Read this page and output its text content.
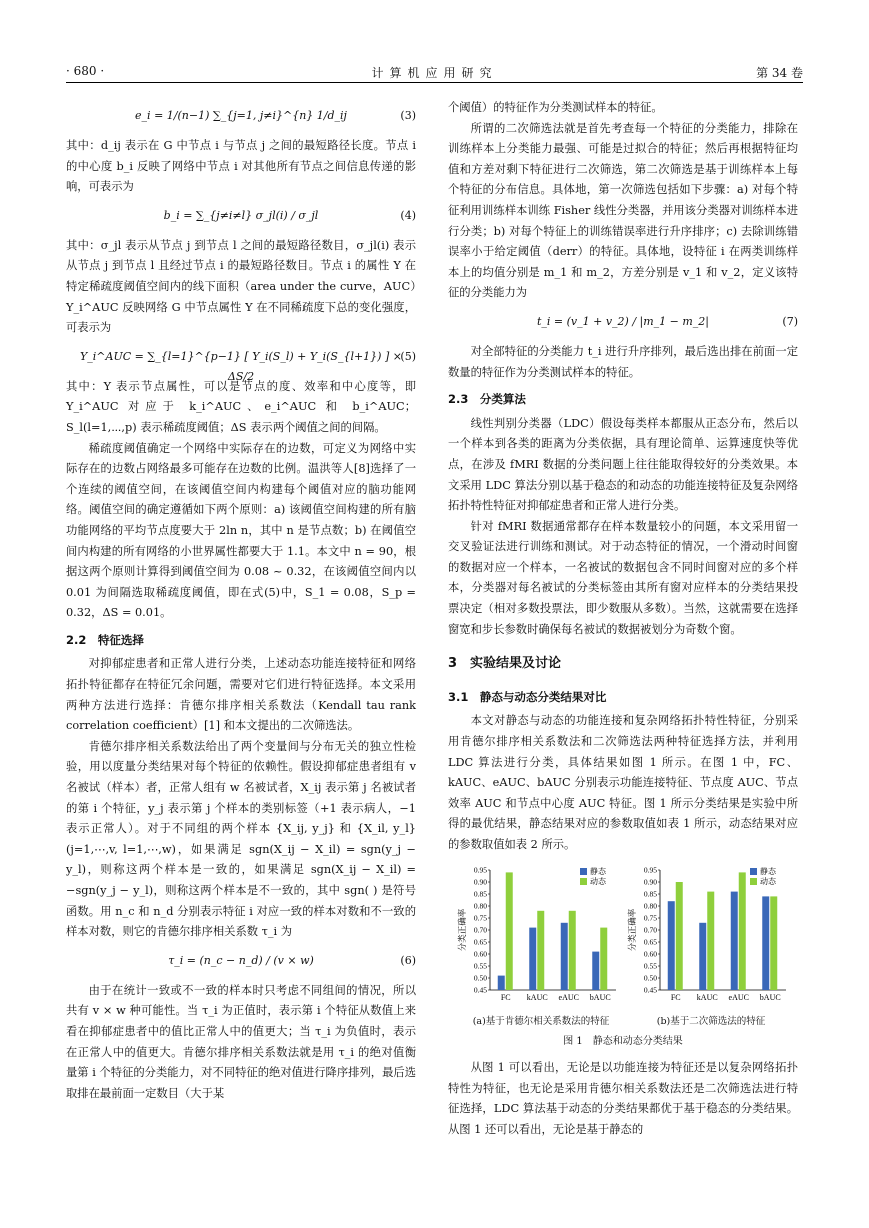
· 680 ·	计算机应用研究	第 34 卷
e_i = 1/(n−1) ∑_{j=1, j≠i}^{n} 1/d_ij	(3)

其中：d_ij 表示在 G 中节点 i 与节点 j 之间的最短路径长度。节点 i 的中心度 b_i 反映了网络中节点 i 对其他所有节点之间信息传递的影响，可表示为

b_i = ∑_{j≠i≠l} σ_jl(i) / σ_jl	(4)

其中：σ_jl 表示从节点 j 到节点 l 之间的最短路径数目，σ_jl(i) 表示从节点 j 到节点 l 且经过节点 i 的最短路径数目。节点 i 的属性 Y 在特定稀疏度阈值空间内的线下面积（area under the curve，AUC）Y_i^AUC 反映网络 G 中节点属性 Y 在不同稀疏度下总的变化强度，可表示为

Y_i^AUC = ∑_{l=1}^{p−1} [ Y_i(S_l) + Y_i(S_{l+1}) ] × ΔS/2
(5)

其中：Y 表示节点属性，可以是节点的度、效率和中心度等，即 Y_i^AUC 对应于 k_i^AUC、e_i^AUC 和 b_i^AUC；S_l(l=1,⋯,p) 表示稀疏度阈值；ΔS 表示两个阈值之间的间隔。

稀疏度阈值确定一个网络中实际存在的边数，可定义为网络中实际存在的边数占网络最多可能存在边数的比例。温洪等人[8]选择了一个连续的阈值空间，在该阈值空间内构建每个阈值对应的脑功能网络。阈值空间的确定遵循如下两个原则：a) 该阈值空间构建的所有脑功能网络的平均节点度要大于 2ln n，其中 n 是节点数；b) 在阈值空间内构建的所有网络的小世界属性都要大于 1.1。本文中 n = 90，根据这两个原则计算得到阈值空间为 0.08 ~ 0.32，在该阈值空间内以 0.01 为间隔选取稀疏度阈值，即在式(5)中，S_1 = 0.08，S_p = 0.32，ΔS = 0.01。

2.2　特征选择

对抑郁症患者和正常人进行分类，上述动态功能连接特征和网络拓扑特征都存在特征冗余问题，需要对它们进行特征选择。本文采用两种方法进行选择：肯德尔排序相关系数法（Kendall tau rank correlation coefficient）[1] 和本文提出的二次筛选法。

肯德尔排序相关系数法给出了两个变量间与分布无关的独立性检验，用以度量分类结果对每个特征的依赖性。假设抑郁症患者组有 v 名被试（样本）者，正常人组有 w 名被试者，X_ij 表示第 j 名被试者的第 i 个特征，y_j 表示第 j 个样本的类别标签（+1 表示病人，−1 表示正常人）。对于不同组的两个样本 {X_ij, y_j} 和 {X_il, y_l} (j=1,⋯,v, l=1,⋯,w)，如果满足 sgn(X_ij − X_il) = sgn(y_j − y_l)，则称这两个样本是一致的，如果满足 sgn(X_ij − X_il) = −sgn(y_j − y_l)，则称这两个样本是不一致的，其中 sgn( ) 是符号函数。用 n_c 和 n_d 分别表示特征 i 对应一致的样本对数和不一致的样本对数，则它的肯德尔排序相关系数 τ_i 为

τ_i = (n_c − n_d) / (v × w)	(6)

由于在统计一致或不一致的样本时只考虑不同组间的情况，所以共有 v × w 种可能性。当 τ_i 为正值时，表示第 i 个特征从数值上来看在抑郁症患者中的值比正常人中的值更大；当 τ_i 为负值时，表示在正常人中的值更大。肯德尔排序相关系数法就是用 τ_i 的绝对值衡量第 i 个特征的分类能力，对不同特征的绝对值进行降序排列，最后选取排在最前面一定数目（大于某

个阈值）的特征作为分类测试样本的特征。

所谓的二次筛选法就是首先考查每一个特征的分类能力，排除在训练样本上分类能力最强、可能是过拟合的特征；然后再根据特征均值和方差对剩下特征进行二次筛选，第二次筛选是基于训练样本上每个特征的分布信息。具体地，第一次筛选包括如下步骤：a) 对每个特征利用训练样本训练 Fisher 线性分类器，并用该分类器对训练样本进行分类；b) 对每个特征上的训练错误率进行升序排序；c) 去除训练错误率小于给定阈值（derr）的特征。具体地，设特征 i 在两类训练样本上的均值分别是 m_1 和 m_2，方差分别是 v_1 和 v_2，定义该特征的分类能力为

t_i = (v_1 + v_2) / |m_1 − m_2|	(7)

对全部特征的分类能力 t_i 进行升序排列，最后选出排在前面一定数量的特征作为分类测试样本的特征。

2.3　分类算法

线性判别分类器（LDC）假设每类样本都服从正态分布，然后以一个样本到各类的距离为分类依据，具有理论简单、运算速度快等优点，在涉及 fMRI 数据的分类问题上往往能取得较好的分类效果。本文采用 LDC 算法分别以基于稳态的和动态的功能连接特征及复杂网络拓扑特性特征对抑郁症患者和正常人进行分类。

针对 fMRI 数据通常都存在样本数量较小的问题，本文采用留一交叉验证法进行训练和测试。对于动态特征的情况，一个滑动时间窗的数据对应一个样本，一名被试的数据包含不同时间窗对应的多个样本，分类器对每名被试的分类标签由其所有窗对应样本的分类结果投票决定（相对多数投票法，即少数服从多数）。当然，这就需要在选择窗宽和步长参数时确保每名被试的数据被划分为奇数个窗。

3　实验结果及讨论
3.1　静态与动态分类结果对比

本文对静态与动态的功能连接和复杂网络拓扑特性特征，分别采用肯德尔排序相关系数法和二次筛选法两种特征选择方法，并利用 LDC 算法进行分类，具体结果如图 1 所示。在图 1 中，FC、kAUC、eAUC、bAUC 分别表示功能连接特征、节点度 AUC、节点效率 AUC 和节点中心度 AUC 特征。图 1 所示分类结果是实验中所得的最优结果，静态结果对应的参数取值如表 1 所示，动态结果对应的参数取值如表 2 所示。

0.95
0.90
0.85
0.80
0.75
0.70
0.65
0.60
0.55
0.50
0.45
分类正确率
FC kAUC eAUC bAUC
静态
动态
(a)基于肯德尔相关系数法的特征
0.95
0.90
0.85
0.80
0.75
0.70
0.65
0.60
0.55
0.50
0.45
分类正确率
FC kAUC eAUC bAUC
静态
动态
(b)基于二次筛选法的特征
图 1　静态和动态分类结果

从图 1 可以看出，无论是以功能连接为特征还是以复杂网络拓扑特性为特征，也无论是采用肯德尔相关系数法还是二次筛选法进行特征选择，LDC 算法基于动态的分类结果都优于基于稳态的分类结果。从图 1 还可以看出，无论是基于静态的
